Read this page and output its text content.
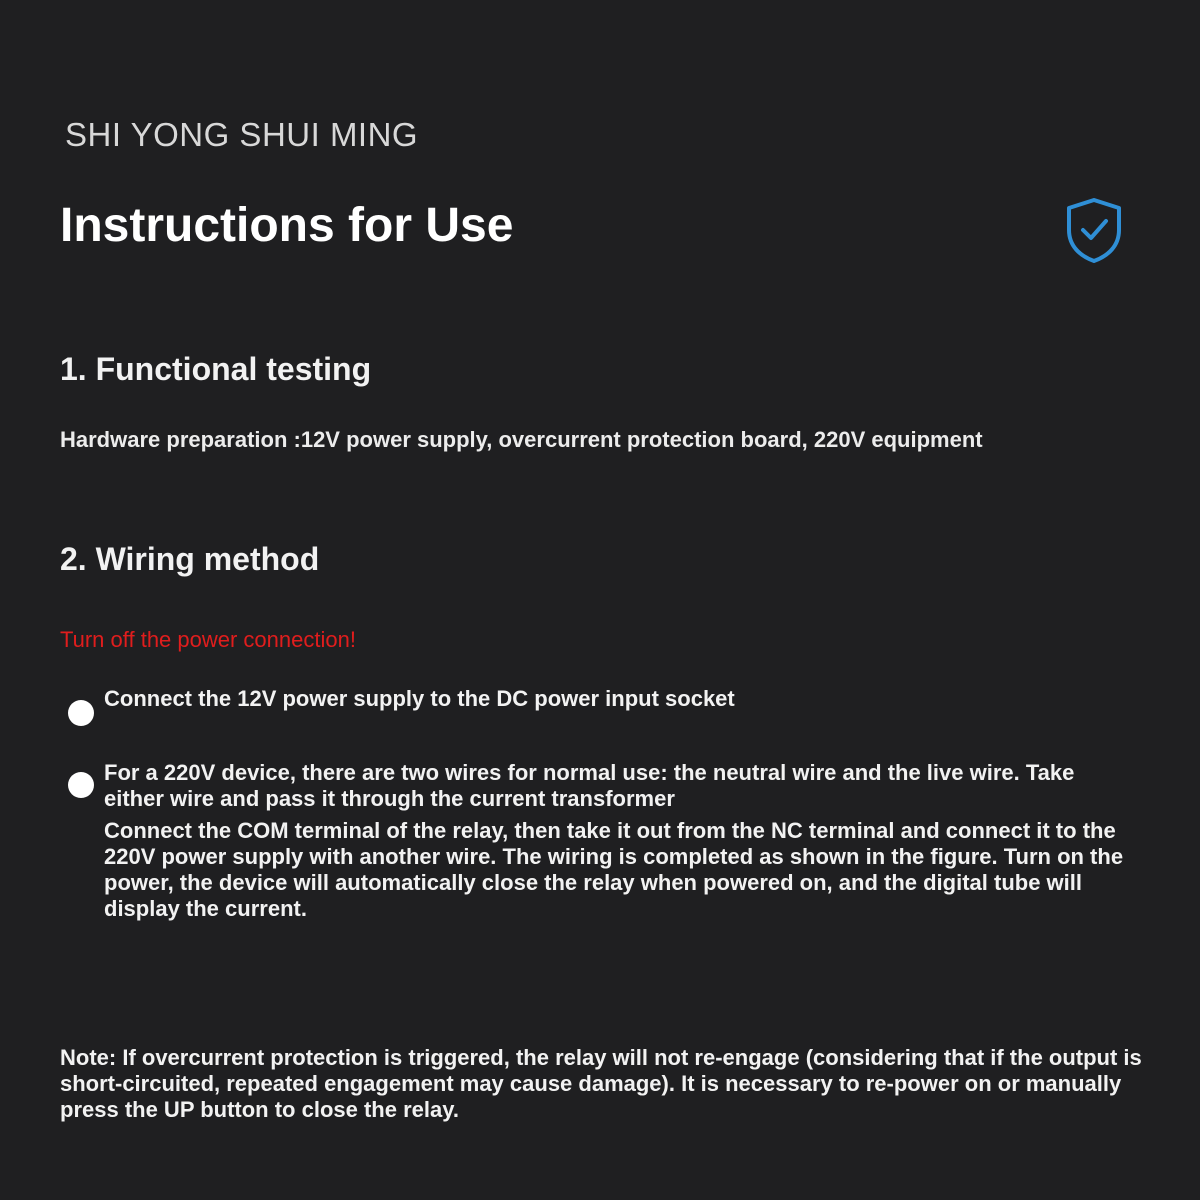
SHI YONG SHUI MING
Instructions for Use
1. Functional testing
Hardware preparation :12V power supply, overcurrent protection board, 220V equipment
2. Wiring method
Turn off the power connection!

Connect the 12V power supply to the DC power input socket

For a 220V device, there are two wires for normal use: the neutral wire and the live wire. Take either wire and pass it through the current transformer

Connect the COM terminal of the relay, then take it out from the NC terminal and connect it to the 220V power supply with another wire. The wiring is completed as shown in the figure. Turn on the power, the device will automatically close the relay when powered on, and the digital tube will display the current.

Note: If overcurrent protection is triggered, the relay will not re-engage (considering that if the output is short-circuited, repeated engagement may cause damage). It is necessary to re-power on or manually press the UP button to close the relay.
